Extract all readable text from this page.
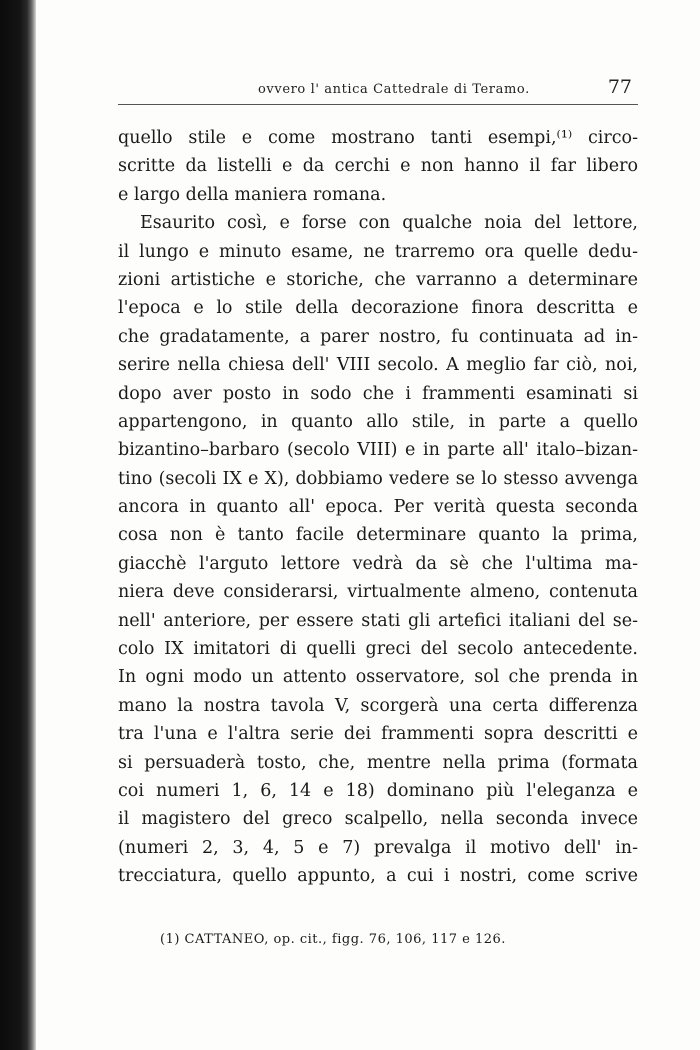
ovvero l' antica Cattedrale di Teramo.	77
quello stile e come mostrano tanti esempi,⁽¹⁾ circo-
scritte da listelli e da cerchi e non hanno il far libero
e largo della maniera romana.
Esaurito così, e forse con qualche noia del lettore,
il lungo e minuto esame, ne trarremo ora quelle dedu-
zioni artistiche e storiche, che varranno a determinare
l'epoca e lo stile della decorazione finora descritta e
che gradatamente, a parer nostro, fu continuata ad in-
serire nella chiesa dell' VIII secolo. A meglio far ciò, noi,
dopo aver posto in sodo che i frammenti esaminati si
appartengono, in quanto allo stile, in parte a quello
bizantino–barbaro (secolo VIII) e in parte all' italo–bizan-
tino (secoli IX e X), dobbiamo vedere se lo stesso avvenga
ancora in quanto all' epoca. Per verità questa seconda
cosa non è tanto facile determinare quanto la prima,
giacchè l'arguto lettore vedrà da sè che l'ultima ma-
niera deve considerarsi, virtualmente almeno, contenuta
nell' anteriore, per essere stati gli artefici italiani del se-
colo IX imitatori di quelli greci del secolo antecedente.
In ogni modo un attento osservatore, sol che prenda in
mano la nostra tavola V, scorgerà una certa differenza
tra l'una e l'altra serie dei frammenti sopra descritti e
si persuaderà tosto, che, mentre nella prima (formata
coi numeri 1, 6, 14 e 18) dominano più l'eleganza e
il magistero del greco scalpello, nella seconda invece
(numeri 2, 3, 4, 5 e 7) prevalga il motivo dell' in-
trecciatura, quello appunto, a cui i nostri, come scrive
(1) CATTANEO, op. cit., figg. 76, 106, 117 e 126.
